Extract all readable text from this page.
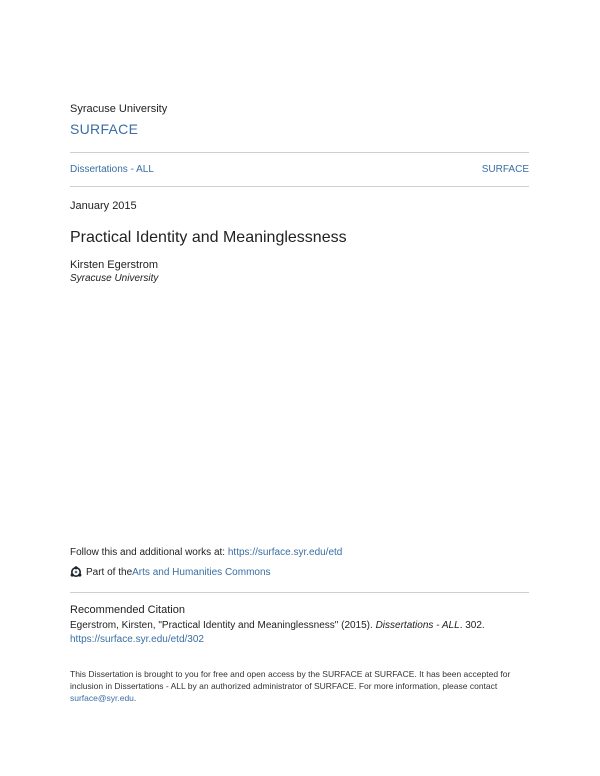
Syracuse University
SURFACE
Dissertations - ALL	SURFACE
January 2015
Practical Identity and Meaninglessness
Kirsten Egerstrom
Syracuse University
Follow this and additional works at: https://surface.syr.edu/etd
Part of the Arts and Humanities Commons
Recommended Citation
Egerstrom, Kirsten, "Practical Identity and Meaninglessness" (2015). Dissertations - ALL. 302.
https://surface.syr.edu/etd/302
This Dissertation is brought to you for free and open access by the SURFACE at SURFACE. It has been accepted for inclusion in Dissertations - ALL by an authorized administrator of SURFACE. For more information, please contact surface@syr.edu.
